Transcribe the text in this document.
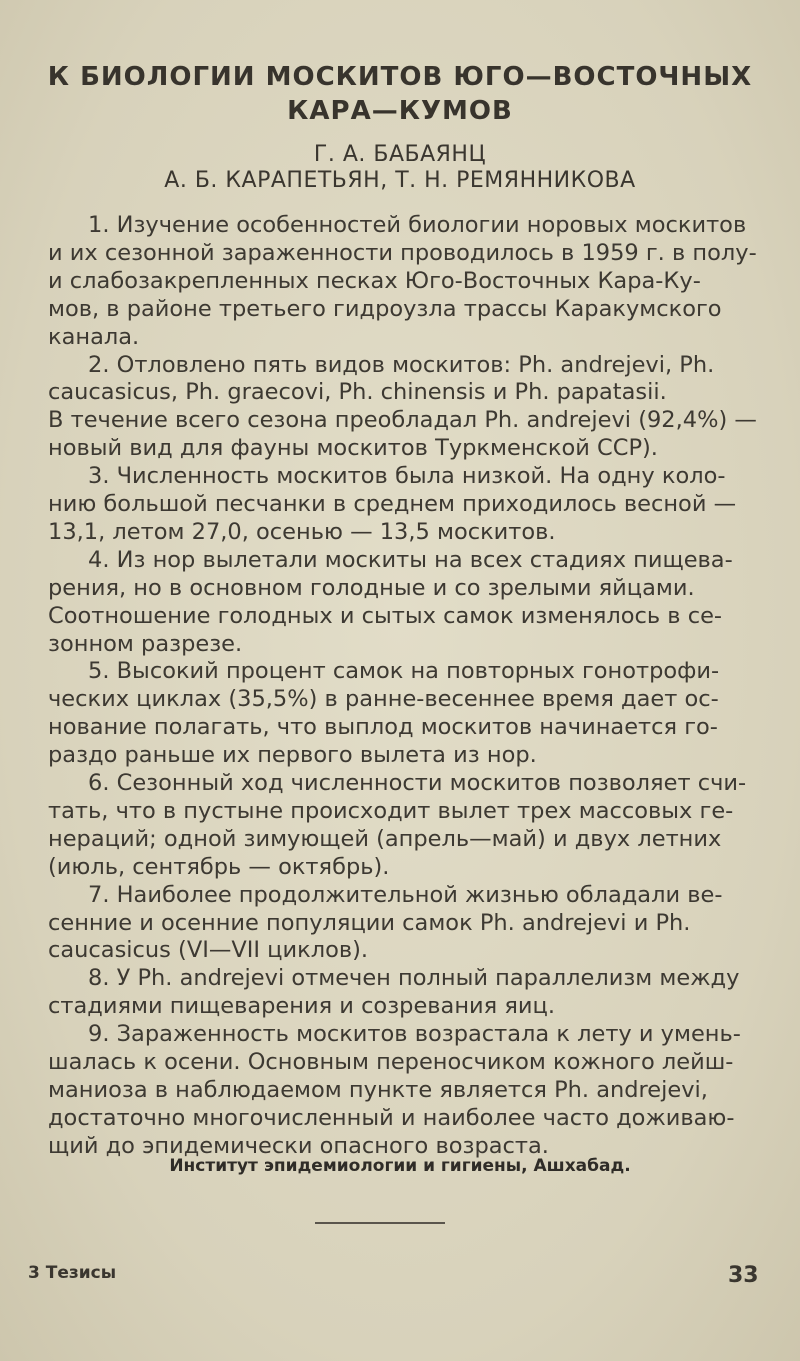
К БИОЛОГИИ МОСКИТОВ ЮГО—ВОСТОЧНЫХ
КАРА—КУМОВ
Г. А. БАБАЯНЦ
А. Б. КАРАПЕТЬЯН, Т. Н. РЕМЯННИКОВА
1. Изучение особенностей биологии норовых москитов
и их сезонной зараженности проводилось в 1959 г. в полу-
и слабозакрепленных песках Юго-Восточных Кара-Ку-
мов, в районе третьего гидроузла трассы Каракумского
канала.
2. Отловлено пять видов москитов: Ph. andrejevi, Ph.
caucasicus, Ph. graecovi, Ph. chinensis и Ph. papatasii.
В течение всего сезона преобладал Ph. andrejevi (92,4%) —
новый вид для фауны москитов Туркменской ССР).
3. Численность москитов была низкой. На одну коло-
нию большой песчанки в среднем приходилось весной —
13,1, летом 27,0, осенью — 13,5 москитов.
4. Из нор вылетали москиты на всех стадиях пищева-
рения, но в основном голодные и со зрелыми яйцами.
Соотношение голодных и сытых самок изменялось в се-
зонном разрезе.
5. Высокий процент самок на повторных гонотрофи-
ческих циклах (35,5%) в ранне-весеннее время дает ос-
нование полагать, что выплод москитов начинается го-
раздо раньше их первого вылета из нор.
6. Сезонный ход численности москитов позволяет счи-
тать, что в пустыне происходит вылет трех массовых ге-
нераций; одной зимующей (апрель—май) и двух летних
(июль, сентябрь — октябрь).
7. Наиболее продолжительной жизнью обладали ве-
сенние и осенние популяции самок Ph. andrejevi и Ph.
caucasicus (VI—VII циклов).
8. У Ph. andrejevi отмечен полный параллелизм между
стадиями пищеварения и созревания яиц.
9. Зараженность москитов возрастала к лету и умень-
шалась к осени. Основным переносчиком кожного лейш-
маниоза в наблюдаемом пункте является Ph. andrejevi,
достаточно многочисленный и наиболее часто доживаю-
щий до эпидемически опасного возраста.
Институт эпидемиологии и гигиены, Ашхабад.
3 Тезисы	33
